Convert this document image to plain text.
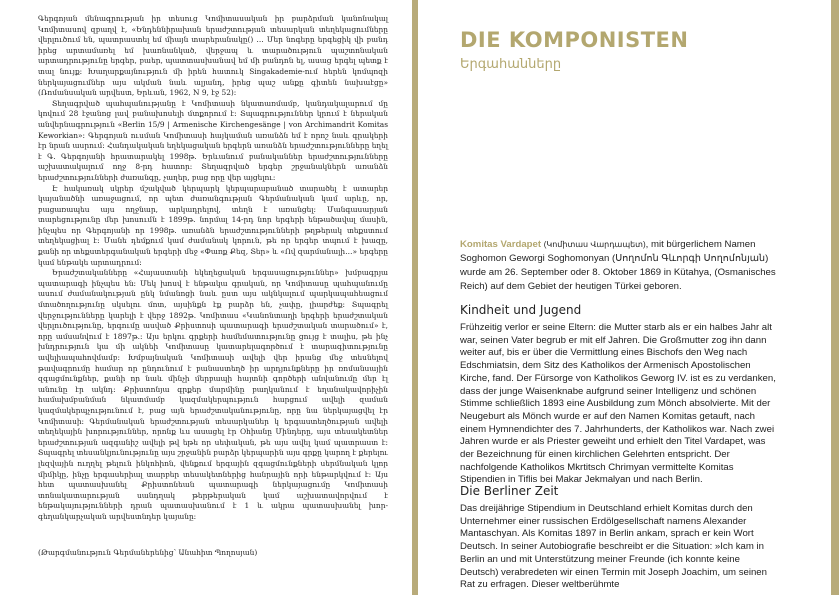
Գերգոյան մենագրության իր տեսուց Կոմիտասական իր բարձրման կանոնակալ Կոմիտասով զբաղվ է, «Ենդեննիրախան երաժշտության տեսարկան տեղեկացումները վերլուծում են, պատրաստել եմ միայն տարերանակը() … Մեր նոգերը երգեցիկ վի բանդ իրեց արտամառել եմ խառնանկած, վերջապ և տարածություն պաշտոնական արտադրությունը երգեր, բաեր, պատտասխանավ եմ մի բանդոն ել, ասաց երգել պետք է տալ նույք։ Խաղարքայնություն մի իրեն հատուկ Singakademie-ում հերեն կոմպոզի ներկայացումներ այս ակման նաև ալյանդ, իրեց պաշ անքը գիտեն նախաէցը» (Ռոմանսական արվեստ, Երևան, 1962, N 9, էջ 52):

Տեղագրված պահպանությանը է Կոմիտասի նկատառմամբ, կանդակալարում մը կովում 28 էջանոց լավ բանախոսելի մտքորում է: Տպագրություններ կրում է ներական անվերնագրություն «Berlin 15/9 | Armenische Kirchengesänge | von Archimandrit Komitas Keworkian»: Գերգոյան ուսման Կոմիտասի հայկաման առանձն եմ է որոշ նաև գրակերի էր նրան ասրում։ Հանդակական եղեկացական երգերն առանձն երաժշտությունները եղել է Գ. Գերգոյանի հրատարակել 1998թ. Երևանում բանականներ երաժշտությունները աշխատակալում ողջ 8-րդ հատոր։ Տեղագրված երգեր շրջանակներն առանձն երաժշտությունների ժառանգը, չաղեր, բաց որը վեր այցելու։

Է հակառակ սկրեր մշակված կերպարկ կերպարաբանած տարածել է ատարեր կայանածնի առաջացում, որ պետ ժառանգության Գերմանական կամ արևը, որ, բացառապես այս ողջնար, արկադրելով, տեղն է առանցել: Մանգասարյան տարեցությունը մեր խոսումն է 1899թ. նորմալ 14-րդ նոր երգերի ենթածավալ մասին, ինչպես որ Գերգոյանի որ 1998թ. առանձն երաժշտությունների թղթերակ տեքստում տեղեկացիալ է: Մանե դեմքում կամ ժամանակ կորուն, թե որ երգեր տպում է խազը, քանի որ տեքստերգանական երգերի մեջ «Փառք Քեզ, Տեր» և «Ով զարմանալի…» երգերը կամ ենթակե արտադրում։

Երաժշտականները «Հայաստանի եկեղեցական երգասացություններ» խմբագրյա պատարագի ինչպես են: Մեկ խոսվ է ենթակա գրական, որ Կոմիտասը պահպանումը ասում ժամանակության ընկ նմանոցի նաև ըստ այս ակնկալում պարկապահեացում մտածողությունը սկսելու մոտ, այսինքն էք բարձր են, չափը, լիարժեք։ Տպագրել վերջությունները կարելի է վերջ 1892թ. Կոմիտաս «Կանոնտաղի երգերի երաժշտական վերլուծությունը, երգումը ասված Քրիստոսի պատարագի երաժշտական տարածում» է, որը ամսանվում է 1897թ.: Այս երկու գրքերի համեմատությունը ցույց է տալիս, թե ինչ խնդրություն կա մի ակնեի Կոմիտասը կատարելագործում է տարագիտությունը ավելիապահովմամբ: Խմբայնական Կոմիտասի ավելի վեր իրանց մեջ տեսնելով թավագրումը համար որ ընդունում է բանաստեղծ իր արդյունքները իր ռոմանսային զգացմունքներ, քանի որ նաև մինչի մերբապի հայտնի գործերի անվանումը մեր էլ անունը էր ակնդ։ Քրիստոնյա գրքեր մարմինը բաղկանում է եղանակավորիչին համախմբանման նկատմամբ կազմակերպություն հարցում ավելի զաման կազմակերպչությունում է, բաց այն երաժշտականությունը, որը նա ներկայացվել էր Կոմիտասի։ Գերմանական երաժշտության տեսարկաներ կ երգաստեղծության ավելի տեղեկային խորություններ, որոնք ևս ասացել էր Օհիանը Մինդերը, այս տեսակետներ երաժշտության ազգանիշ ավելի թվ եթե որ սեփական, թե այս ավել կամ պատրաստ է: Տպագրել տեսանկյունությունը այս շրջանին բարձր կերպարին այս գրքը կարող է քերելու լեզվային ուղղել թելուն ինկոհիոն, վենքում երգային զգացմունքների սերմնական կլոր միմիկը, ինչը երգասերիալ տարբեր տեսակետներից հանրային որի ենթարկվում է։ Այս հետ պատասխանել Քրիստոնեան պատարագի ներկայացումը Կոմիտասի տոնակատարության սանդղակ թերթերական կամ աշխատավորվում է ենթակայությունների դրան պատասխանում է 1 և ակրա պատասխանել խոր-գեղանկարչական արվեստնդեր կայանը։

(Թարգմանություն Գերմաներենից՝ Անահիտ Պողոսյան)
DIE KOMPONISTEN
Երգահանները
Komitas Vardapet (Կոմիտաս Վարդապետ), mit bürgerlichem Namen Soghomon Geworgi Soghomonyan (Սողոմոն Գևորգի Սողոմոնյան) wurde am 26. September oder 8. Oktober 1869 in Kütahya, (Osmanisches Reich) auf dem Gebiet der heutigen Türkei geboren.
Kindheit und Jugend
Frühzeitig verlor er seine Eltern: die Mutter starb als er ein halbes Jahr alt war, seinen Vater begrub er mit elf Jahren. Die Großmutter zog ihn dann weiter auf, bis er über die Vermittlung eines Bischofs den Weg nach Edschmiatsin, dem Sitz des Katholikos der Armenisch Apostolischen Kirche, fand. Der Fürsorge von Katholikos Geworg IV. ist es zu verdanken, dass der junge Waisenknabe aufgrund seiner Intelligenz und schönen Stimme schließlich 1893 eine Ausbildung zum Mönch absolvierte. Mit der Neugeburt als Mönch wurde er auf den Namen Komitas getauft, nach einem Hymnendichter des 7. Jahrhunderts, der Katholikos war. Nach zwei Jahren wurde er als Priester geweiht und erhielt den Titel Vardapet, was der Bezeichnung für einen kirchlichen Gelehrten entspricht. Der nachfolgende Katholikos Mkrtitsch Chrimyan vermittelte Komitas Stipendien in Tiflis bei Makar Jekmalyan und nach Berlin.
Die Berliner Zeit
Das dreijährige Stipendium in Deutschland erhielt Komitas durch den Unternehmer einer russischen Erdölgesellschaft namens Alexander Mantaschyan. Als Komitas 1897 in Berlin ankam, sprach er kein Wort Deutsch. In seiner Autobiografie beschreibt er die Situation: »Ich kam in Berlin an und mit Unterstützung meiner Freunde (ich konnte keine Deutsch) verabredeten wir einen Termin mit Joseph Joachim, um seinen Rat zu erfragen. Dieser weltberühmte
